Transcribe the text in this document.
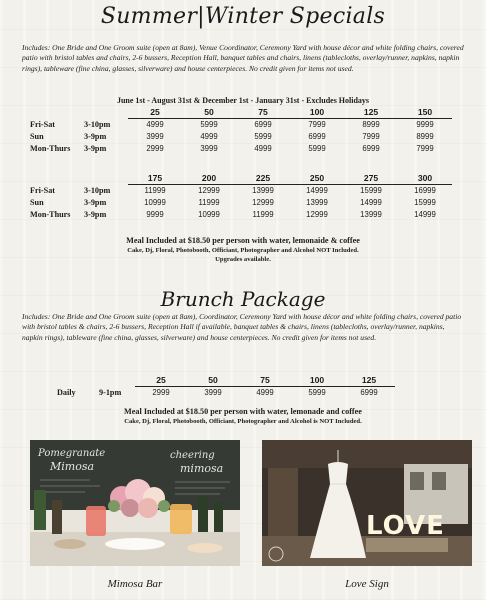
Summer|Winter Specials
Includes: One Bride and One Groom suite (open at 8am), Venue Coordinator, Ceremony Yard with house décor and white folding chairs, covered patio with bristol tables and chairs, 2-6 bussers, Reception Hall, banquet tables and chairs, linens (tablecloths, overlay/runner, napkins, napkin rings), tableware (fine china, glasses, silverware) and house centerpieces. No credit given for items not used.
June 1st - August 31st & December 1st - January 31st - Excludes Holidays
		25	50	75	100	125	150
Fri-Sat	3-10pm	4999	5999	6999	7999	8999	9999
Sun	3-9pm	3999	4999	5999	6999	7999	8999
Mon-Thurs	3-9pm	2999	3999	4999	5999	6999	7999
		175	200	225	250	275	300
Fri-Sat	3-10pm	11999	12999	13999	14999	15999	16999
Sun	3-9pm	10999	11999	12999	13999	14999	15999
Mon-Thurs	3-9pm	9999	10999	11999	12999	13999	14999
Meal Included at $18.50 per person with water, lemonaide & coffee
Cake, Dj, Floral, Photobooth, Officiant, Photographer and Alcohol NOT Included.
Upgrades available.
Brunch Package
Includes: One Bride and One Groom suite (open at 8am), Coordinator, Ceremony Yard with house décor and white folding chairs, covered patio with bristol tables & chairs, 2-6 bussers, Reception Hall if available, banquet tables & chairs, linens (tablecloths, overlay/runner, napkins, napkin rings), tableware (fine china, glasses, silverware) and house centerpieces. No credit given for items not used.
		25	50	75	100	125
Daily	9-1pm	2999	3999	4999	5999	6999
Meal Included at $18.50 per person with water, lemonade and coffee
Cake, Dj, Floral, Photobooth, Officiant, Photographer and Alcohol is NOT Included.
Pomegranate
Mimosa
cheering
mimosa
LOVE
Mimosa Bar	Love Sign
